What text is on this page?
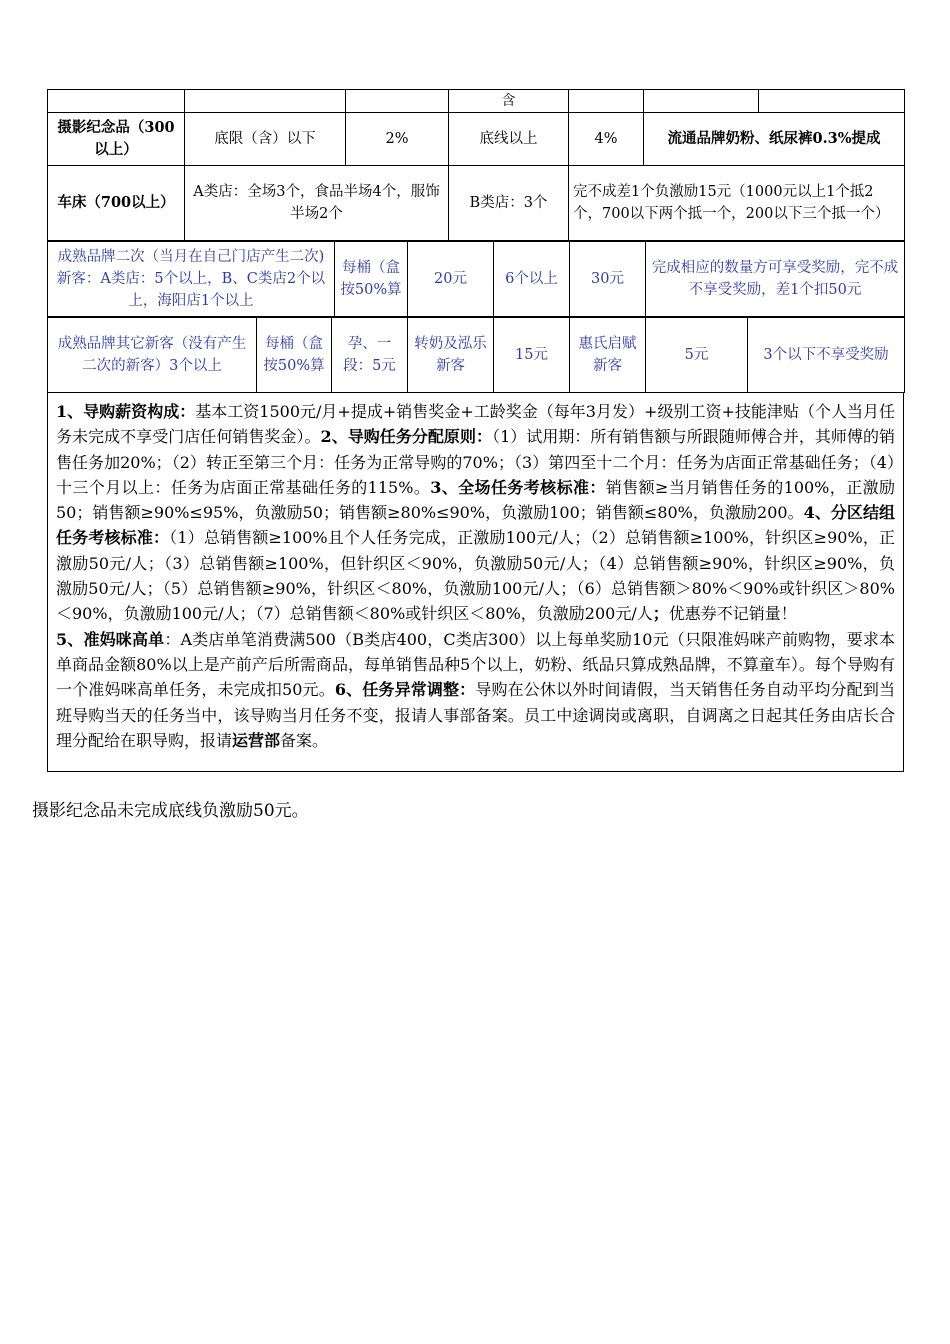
			含			
摄影纪念品（300以上）	底限（含）以下	2%	底线以上	4%	流通品牌奶粉、纸尿裤0.3%提成	
车床（700以上）	A类店：全场3个，食品半场4个，服饰半场2个		B类店：3个	完不成差1个负激励15元（1000元以上1个抵2个，700以下两个抵一个，200以下三个抵一个）		
成熟品牌二次（当月在自己门店产生二次)新客：A类店：5个以上，B、C类店2个以上，海阳店1个以上	每桶（盒按50%算	20元	6个以上	30元	完成相应的数量方可享受奖励，完不成不享受奖励，差1个扣50元
成熟品牌其它新客（没有产生二次的新客）3个以上	每桶（盒按50%算	孕、一段：5元	转奶及泓乐新客	15元	惠氏启赋新客	5元	3个以下不享受奖励
1、导购薪资构成：基本工资1500元/月+提成+销售奖金+工龄奖金（每年3月发）+级别工资+技能津贴（个人当月任务未完成不享受门店任何销售奖金）。2、导购任务分配原则：（1）试用期：所有销售额与所跟随师傅合并，其师傅的销售任务加20%；（2）转正至第三个月：任务为正常导购的70%；（3）第四至十二个月：任务为店面正常基础任务；（4）十三个月以上：任务为店面正常基础任务的115%。3、全场任务考核标准：销售额≥当月销售任务的100%，正激励50；销售额≥90%≤95%，负激励50；销售额≥80%≤90%，负激励100；销售额≤80%，负激励200。4、分区结组任务考核标准：（1）总销售额≥100%且个人任务完成，正激励100元/人；（2）总销售额≥100%，针织区≥90%，正激励50元/人；（3）总销售额≥100%，但针织区＜90%，负激励50元/人；（4）总销售额≥90%，针织区≥90%，负激励50元/人；（5）总销售额≥90%，针织区＜80%，负激励100元/人；（6）总销售额＞80%＜90%或针织区＞80%＜90%，负激励100元/人；（7）总销售额＜80%或针织区＜80%，负激励200元/人；优惠券不记销量！
5、准妈咪高单：A类店单笔消费满500（B类店400，C类店300）以上每单奖励10元（只限准妈咪产前购物，要求本单商品金额80%以上是产前产后所需商品，每单销售品种5个以上，奶粉、纸品只算成熟品牌，不算童车）。每个导购有一个准妈咪高单任务，未完成扣50元。6、任务异常调整：导购在公休以外时间请假，当天销售任务自动平均分配到当班导购当天的任务当中，该导购当月任务不变，报请人事部备案。员工中途调岗或离职，自调离之日起其任务由店长合理分配给在职导购，报请运营部备案。
摄影纪念品未完成底线负激励50元。
